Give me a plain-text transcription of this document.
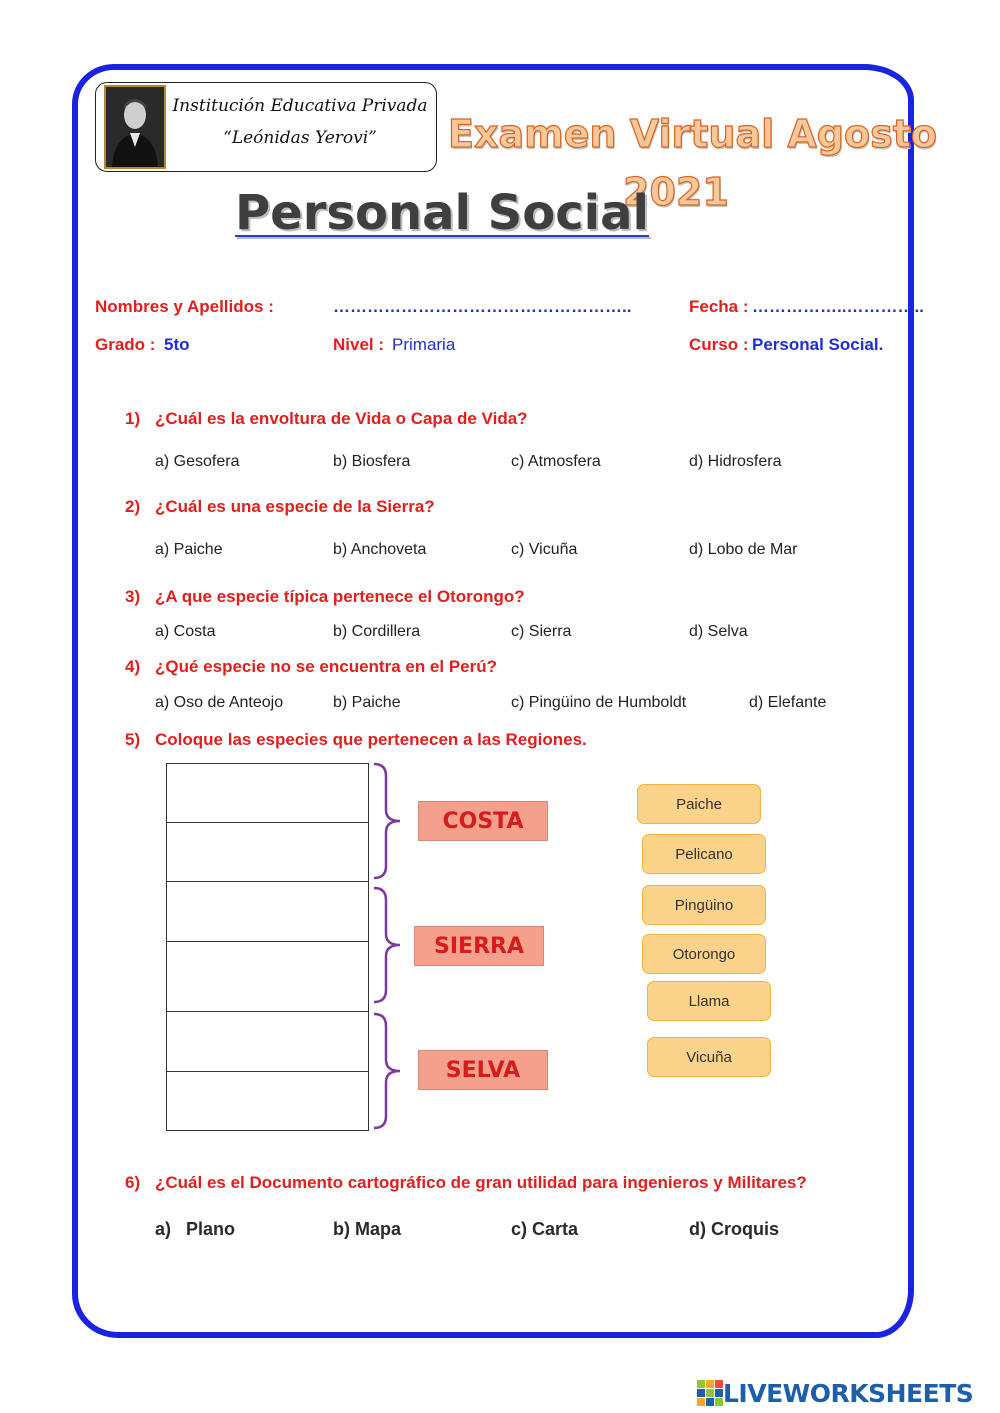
Institución Educativa Privada
“Leónidas Yerovi”	Examen Virtual Agosto
2021
Personal Social
Nombres y Apellidos :	……………………………………………..	Fecha : ……………..…………..
Grado : 5to	Nivel : Primaria	Curso : Personal Social.
1) ¿Cuál es la envoltura de Vida o Capa de Vida?
a) Gesofera	b) Biosfera	c) Atmosfera	d) Hidrosfera
2) ¿Cuál es una especie de la Sierra?
a) Paiche	b) Anchoveta	c) Vicuña	d) Lobo de Mar
3) ¿A que especie típica pertenece el Otorongo?
a) Costa	b) Cordillera	c) Sierra	d) Selva
4) ¿Qué especie no se encuentra en el Perú?
a) Oso de Anteojo	b) Paiche	c) Pingüino de Humboldt	d) Elefante
5) Coloque las especies que pertenecen a las Regiones.
COSTA
SIERRA
SELVA
Paiche
Pelicano
Pingüino
Otorongo
Llama
Vicuña
6) ¿Cuál es el Documento cartográfico de gran utilidad para ingenieros y Militares?
a)   Plano	b) Mapa	c) Carta	d) Croquis
LIVEWORKSHEETS
